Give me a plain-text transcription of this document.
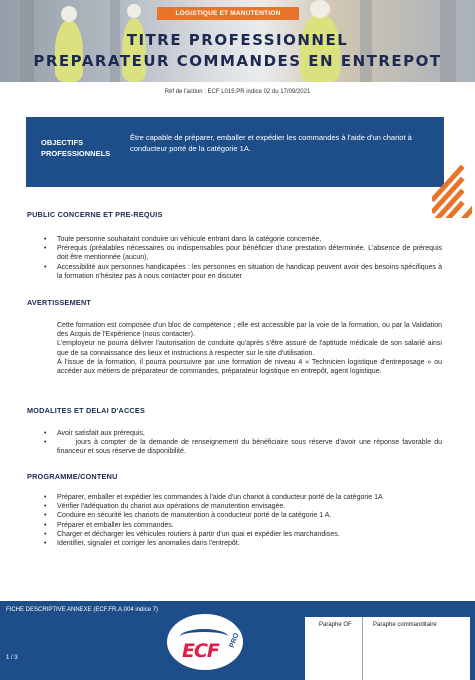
LOGISTIQUE ET MANUTENTION
TITRE PROFESSIONNEL
PREPARATEUR COMMANDES EN ENTREPOT
Réf de l'action : ECF L015.PR indice 02 du 17/09/2021
OBJECTIFS PROFESSIONNELS
Être capable de préparer, emballer et expédier les commandes à l'aide d'un chariot à conducteur porté de la catégorie 1A.
PUBLIC CONCERNE ET PRE-REQUIS
• Toute personne souhaitant conduire un véhicule entrant dans la catégorie concernée,
• Prérequis (préalables nécessaires ou indispensables pour bénéficier d'une prestation déterminée. L'absence de prérequis doit être mentionnée (aucun),
• Accessibilité aux personnes handicapées : les personnes en situation de handicap peuvent avoir des besoins spécifiques à la formation n'hésitez pas à nous contacter pour en discuter
AVERTISSEMENT

Cette formation est composée d'un bloc de compétence ; elle est accessible par la voie de la formation, ou par la Validation des Acquis de l'Expérience (nous contacter).

L'employeur ne pourra délivrer l'autorisation de conduite qu'après s'être assuré de l'aptitude médicale de son salarié ainsi que de sa connaissance des lieux et instructions à respecter sur le site d'utilisation.

À l'issue de la formation, il pourra poursuivre par une formation de niveau 4 « Technicien logistique d'entreposage » ou accéder aux métiers de préparateur de commandes, préparateur logistique en entrepôt, agent logistique.

MODALITES ET DELAI D'ACCES
• Avoir satisfait aux prérequis,
•       jours à compter de la demande de renseignement du bénéficiaire sous réserve d'avoir une réponse favorable du financeur et sous réserve de disponibilité.
PROGRAMME/CONTENU
• Préparer, emballer et expédier les commandes à l'aide d'un chariot à conducteur porté de la catégorie 1A
• Vérifier l'adéquation du chariot aux opérations de manutention envisagée.
• Conduire en sécurité les chariots de manutention à conducteur porté de la catégorie 1 A.
• Préparer et emballer les commandes.
• Charger et décharger les véhicules routiers à partir d'un quai et expédier les marchandises.
• Identifier, signaler et corriger les anomalies dans l'entrepôt.
FICHE DESCRIPTIVE ANNEXE (ECF.FR.A.004 indice 7)
1 / 3	ECF PRO
Paraphe OF	Paraphe commanditaire
